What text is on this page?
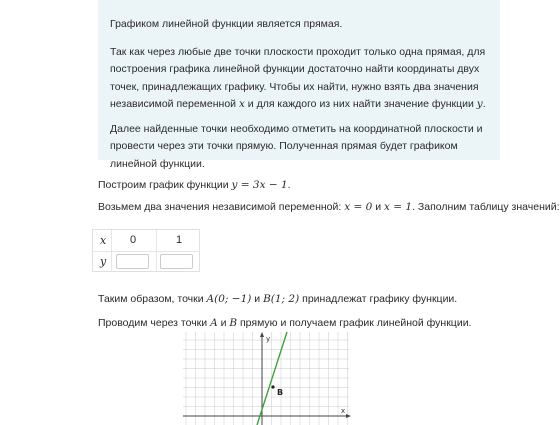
Графиком линейной функции является прямая.

Так как через любые две точки плоскости проходит только одна прямая, для построения графика линейной функции достаточно найти координаты двух точек, принадлежащих графику. Чтобы их найти, нужно взять два значения независимой переменной x и для каждого из них найти значение функции y.

Далее найденные точки необходимо отметить на координатной плоскости и провести через эти точки прямую. Полученная прямая будет графиком линейной функции.

Построим график функции y = 3x − 1.
Возьмем два значения независимой переменной: x = 0 и x = 1. Заполним таблицу значений:
x 0	1
y
Таким образом, точки A(0; −1) и B(1; 2) принадлежат графику функции.
Проводим через точки A и B прямую и получаем график линейной функции.
y
x
B
